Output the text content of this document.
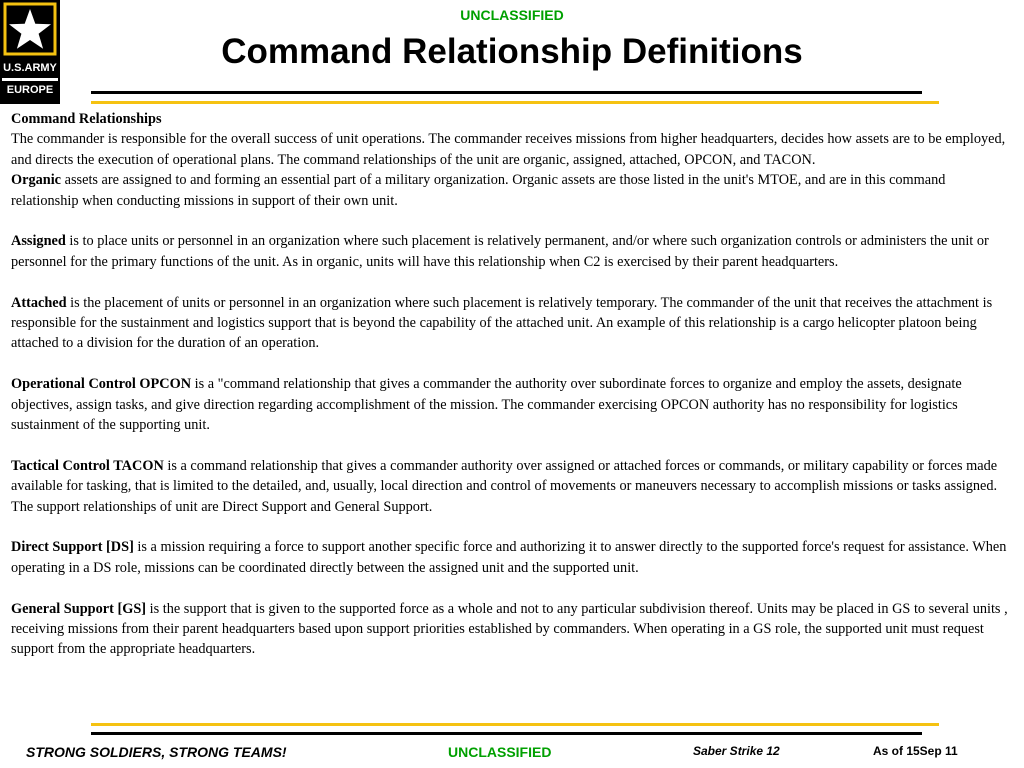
U.S.ARMY
EUROPE
UNCLASSIFIED
Command Relationship Definitions

Command Relationships

The commander is responsible for the overall success of unit operations. The commander receives missions from higher headquarters, decides how assets are to be employed, and directs the execution of operational plans. The command relationships of the unit are organic, assigned, attached, OPCON, and TACON.

Organic assets are assigned to and forming an essential part of a military organization. Organic assets are those listed in the unit's MTOE, and are in this command relationship when conducting missions in support of their own unit.

Assigned is to place units or personnel in an organization where such placement is relatively permanent, and/or where such organization controls or administers the unit or personnel for the primary functions of the unit. As in organic, units will have this relationship when C2 is exercised by their parent headquarters.

Attached is the placement of units or personnel in an organization where such placement is relatively temporary. The commander of the unit that receives the attachment is responsible for the sustainment and logistics support that is beyond the capability of the attached unit. An example of this relationship is a cargo helicopter platoon being attached to a division for the duration of an operation.

Operational Control OPCON is a "command relationship that gives a commander the authority over subordinate forces to organize and employ the assets, designate objectives, assign tasks, and give direction regarding accomplishment of the mission. The commander exercising OPCON authority has no responsibility for logistics sustainment of the supporting unit.

Tactical Control TACON is a command relationship that gives a commander authority over assigned or attached forces or commands, or military capability or forces made available for tasking, that is limited to the detailed, and, usually, local direction and control of movements or maneuvers necessary to accomplish missions or tasks assigned.

The support relationships of unit are Direct Support and General Support.

Direct Support [DS] is a mission requiring a force to support another specific force and authorizing it to answer directly to the supported force's request for assistance. When operating in a DS role, missions can be coordinated directly between the assigned unit and the supported unit.

General Support [GS] is the support that is given to the supported force as a whole and not to any particular subdivision thereof. Units may be placed in GS to several units , receiving missions from their parent headquarters based upon support priorities established by commanders. When operating in a GS role, the supported unit must request support from the appropriate headquarters.

STRONG SOLDIERS, STRONG TEAMS!	UNCLASSIFIED	Saber Strike 12	As of 15Sep 11
